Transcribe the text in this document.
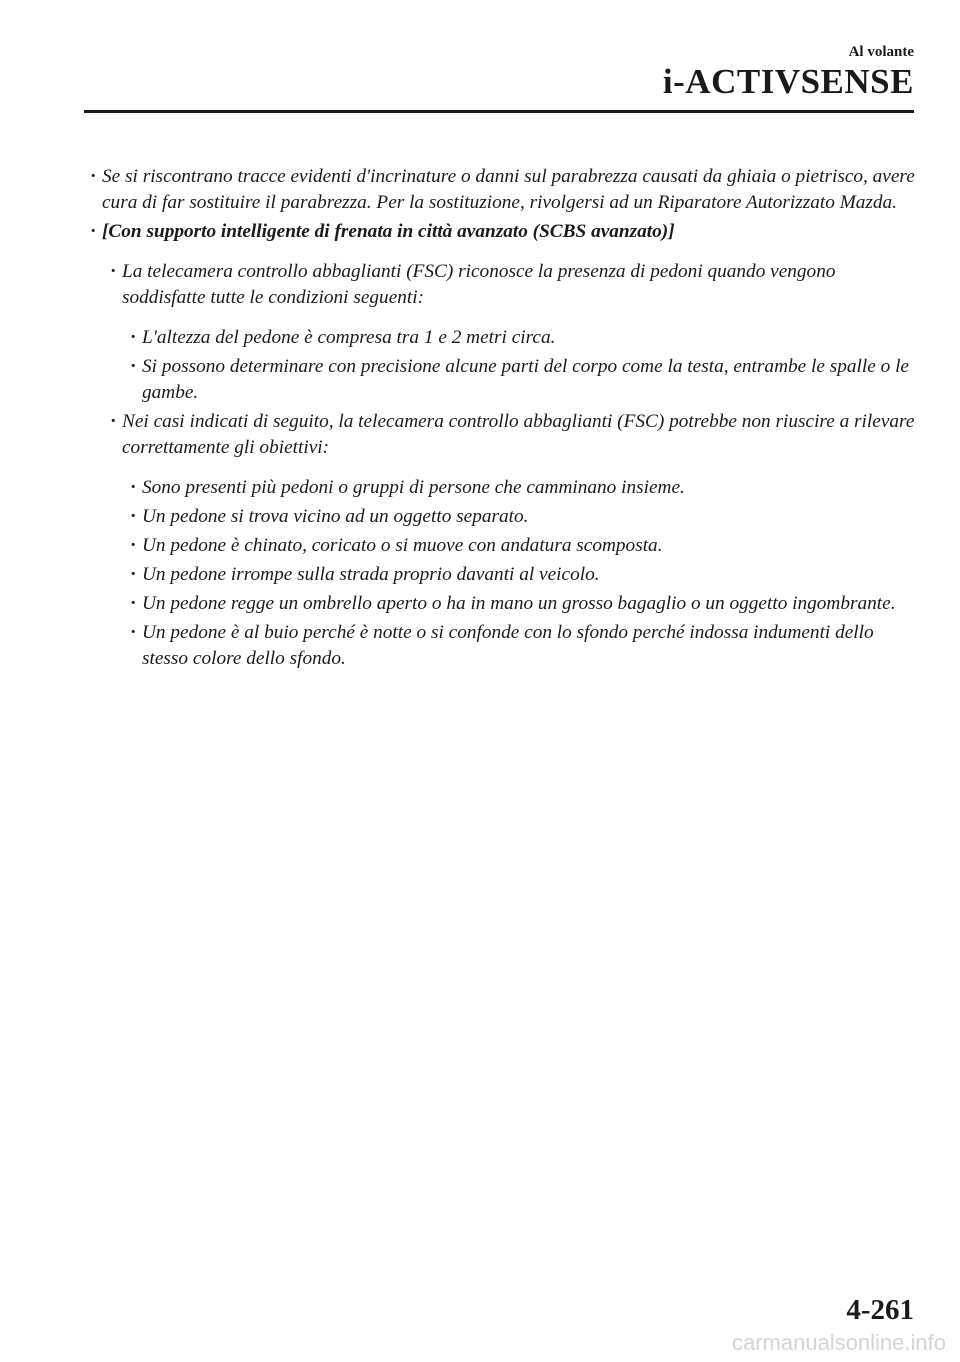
Al volante
i-ACTIVSENSE
· Se si riscontrano tracce evidenti d'incrinature o danni sul parabrezza causati da ghiaia o pietrisco, avere cura di far sostituire il parabrezza. Per la sostituzione, rivolgersi ad un Riparatore Autorizzato Mazda.
· [Con supporto intelligente di frenata in città avanzato (SCBS avanzato)]
· La telecamera controllo abbaglianti (FSC) riconosce la presenza di pedoni quando vengono soddisfatte tutte le condizioni seguenti:
· L'altezza del pedone è compresa tra 1 e 2 metri circa.
· Si possono determinare con precisione alcune parti del corpo come la testa, entrambe le spalle o le gambe.
· Nei casi indicati di seguito, la telecamera controllo abbaglianti (FSC) potrebbe non riuscire a rilevare correttamente gli obiettivi:
· Sono presenti più pedoni o gruppi di persone che camminano insieme.
· Un pedone si trova vicino ad un oggetto separato.
· Un pedone è chinato, coricato o si muove con andatura scomposta.
· Un pedone irrompe sulla strada proprio davanti al veicolo.
· Un pedone regge un ombrello aperto o ha in mano un grosso bagaglio o un oggetto ingombrante.
· Un pedone è al buio perché è notte o si confonde con lo sfondo perché indossa indumenti dello stesso colore dello sfondo.
4-261
carmanualsonline.info
